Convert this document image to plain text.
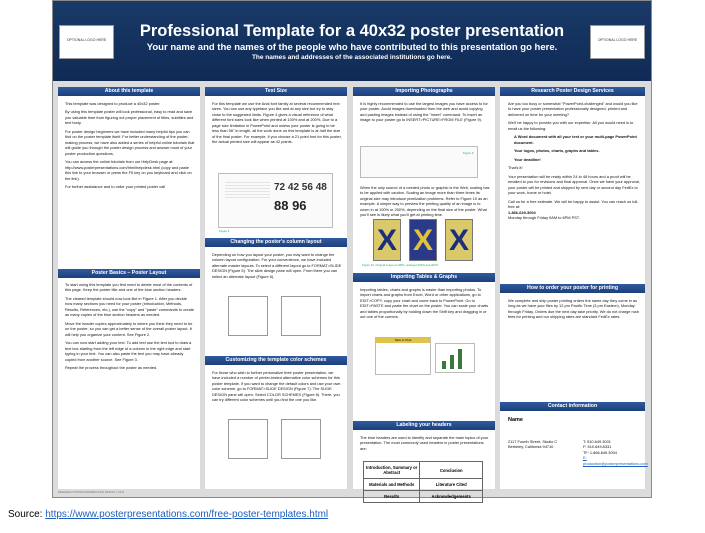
OPTIONAL LOGO HERE	OPTIONAL LOGO HERE
Professional Template for a 40x32 poster presentation
Your name and the names of the people who have contributed to this presentation go here.
The names and addresses of the associated institutions go here.
About this template

This template was designed to produce a 40x32 poster.

By using this template poster will look professional, easy to read and save you valuable time from figuring out proper placement of titles, subtitles and text body.

For poster design beginners we have included many helpful tips you can find on the poster template itself. For better understanding of the poster-making process, we have also added a series of helpful online tutorials that will guide you through the poster design process and answer most of your poster production questions.

You can access the online tutorials from our HelpDesk page at: http://www.posterpresentations.com/html/helpdesk.html (copy and paste this link to your browser or press the F5 key on you keyboard and click on the link).

For further assistance and to order your printed poster call

Poster Basics – Poster Layout

To start using this template you first need to delete most of the contents of this page. Keep the poster title and one of the blue section headers.

The cleared template should now look like in Figure 1. After you decide how many sections you need for your poster (introduction, Methods, Results, References, etc.), use the "copy" and "paste" commands to create as many copies of the blue section headers as needed.

Move the header copies approximately to where you think they need to be on the poster, so you can get a better sense of the overall poster layout. It will help you organize your content. See Figure 2.

You can now start adding your text. To add text use the text tool to draw a text box starting from the left edge of a column to the right edge and start typing in your text. You can also paste the text you may have already copied from another source. See Figure 3.

Repeat the process throughout the poster as needed.

Text Size

For this template we use the Arial font family at several recommended text sizes. You can use any typeface you like and at any size but try to stay close to the suggested limits. Figure 4 gives a visual reference of what different font sizes look like when printed at 100% and at 200%. Due to a page size limitation in PowerPoint and unless your poster is going to be less than 56" in length, all the work done on this template is at half the size of the final poster. For example, if you choose a 21 point font for this poster, the actual printed size will appear as 42 points.

72 42 56 48
88 96
Figure 4
Changing the poster's column layout

Depending on how you layout your poster, you may want to change the column layout configuration. For your convenience, we have included alternate master layouts. To select a different layout go to FORMAT>SLIDE DESIGN (Figure 5). The slide design pane will open. From there you can select an alternate layout (Figure 6).

Customizing the template color schemes

For those who wish to further personalize their poster presentation, we have included a number of printer-tested alternative color schemes for this poster template. If you want to change the default colors and use your own color scheme, go to FORMAT>SLIDE DESIGN (Figure 7). The SLIDE DESIGN pane will open. Select COLOR SCHEMES (Figure 8). There, you can try different color schemes until you find the one you like.

Importing Photographs

It is highly recommended to use the largest images you have access to for your poster. Avoid images downloaded from the web and avoid copying and pasting images instead of using the "insert" command. To insert an image to your poster go to INSERT>PICTURE>FROM FILE (Figure 9).

Figure 9

When the only source of a needed photo or graphic is the Web, scaling has to be applied with caution. Scaling an image more than three times its original size may introduce pixelization problems. Refer to Figure 10 as an example. A simple way to preview the printing quality of an image is to zoom in at 100% or 200%, depending on the final size of the poster. What you'll see is likely what you'll get at printing time.

X X X
Figure 10. Original image at 100%, enlarged 200% and 400%
Importing Tables & Graphs

Importing tables, charts and graphs is easier than importing photos. To import charts and graphs from Excel, Word or other applications, go to EDIT>COPY, copy your chart and come back to PowerPoint. Go to EDIT>PASTE and paste the chart on the poster. You can scale your charts and tables proportionally by holding down the Shift key and dragging in or out one of the corners.

Table & Chart
Labeling your headers

The blue headers are used to identify and separate the main topics of your presentation. The most commonly used headers in poster presentations are:

Introduction, Summary or Abstract	Conclusion
Materials and Methods	Literature Cited
Results	Acknowledgements
Research Poster Design Services

Are you too busy or somewhat "PowerPoint-challenged" and would you like to have your poster presentation professionally designed, printed and delivered on time for your meeting?

We'll be happy to provide you with our expertise. All you would need is to email us the following:

A Word document with all your text or your multi-page PowerPoint document.

Your logos, photos, charts, graphs and tables.

Your deadline!

That's it!

Your presentation will be ready within 24 to 48 hours and a proof will be emailed to you for revisions and final approval. Once we have your approval, your poster will be printed and shipped by next day or second day FedEx to your work, home or hotel.

Call us for a free estimate. We will be happy to assist. You can reach us toll-free at:
1-866-649-3004
Monday through Friday 9AM to 6PM PST.

How to order your poster for printing

We complete and ship poster printing orders the same day they come in as long as we have your files by 12 pm Pacific Time (3 pm Eastern), Monday through Friday. Orders due the next day take priority. We do not charge rush fees for printing and our shipping rates are standard FedEx rates.

Contact information
Name
2117 Fourth Street, Studio C
Berkeley, California 94710
T: 510.649.3001
F: 510.649.8331
TF: 1.866.649.3004
E: production@posterpresentations.com
RESEARCH POSTER PRESENTATION DESIGN © 2012
Source: https://www.posterpresentations.com/free-poster-templates.html
